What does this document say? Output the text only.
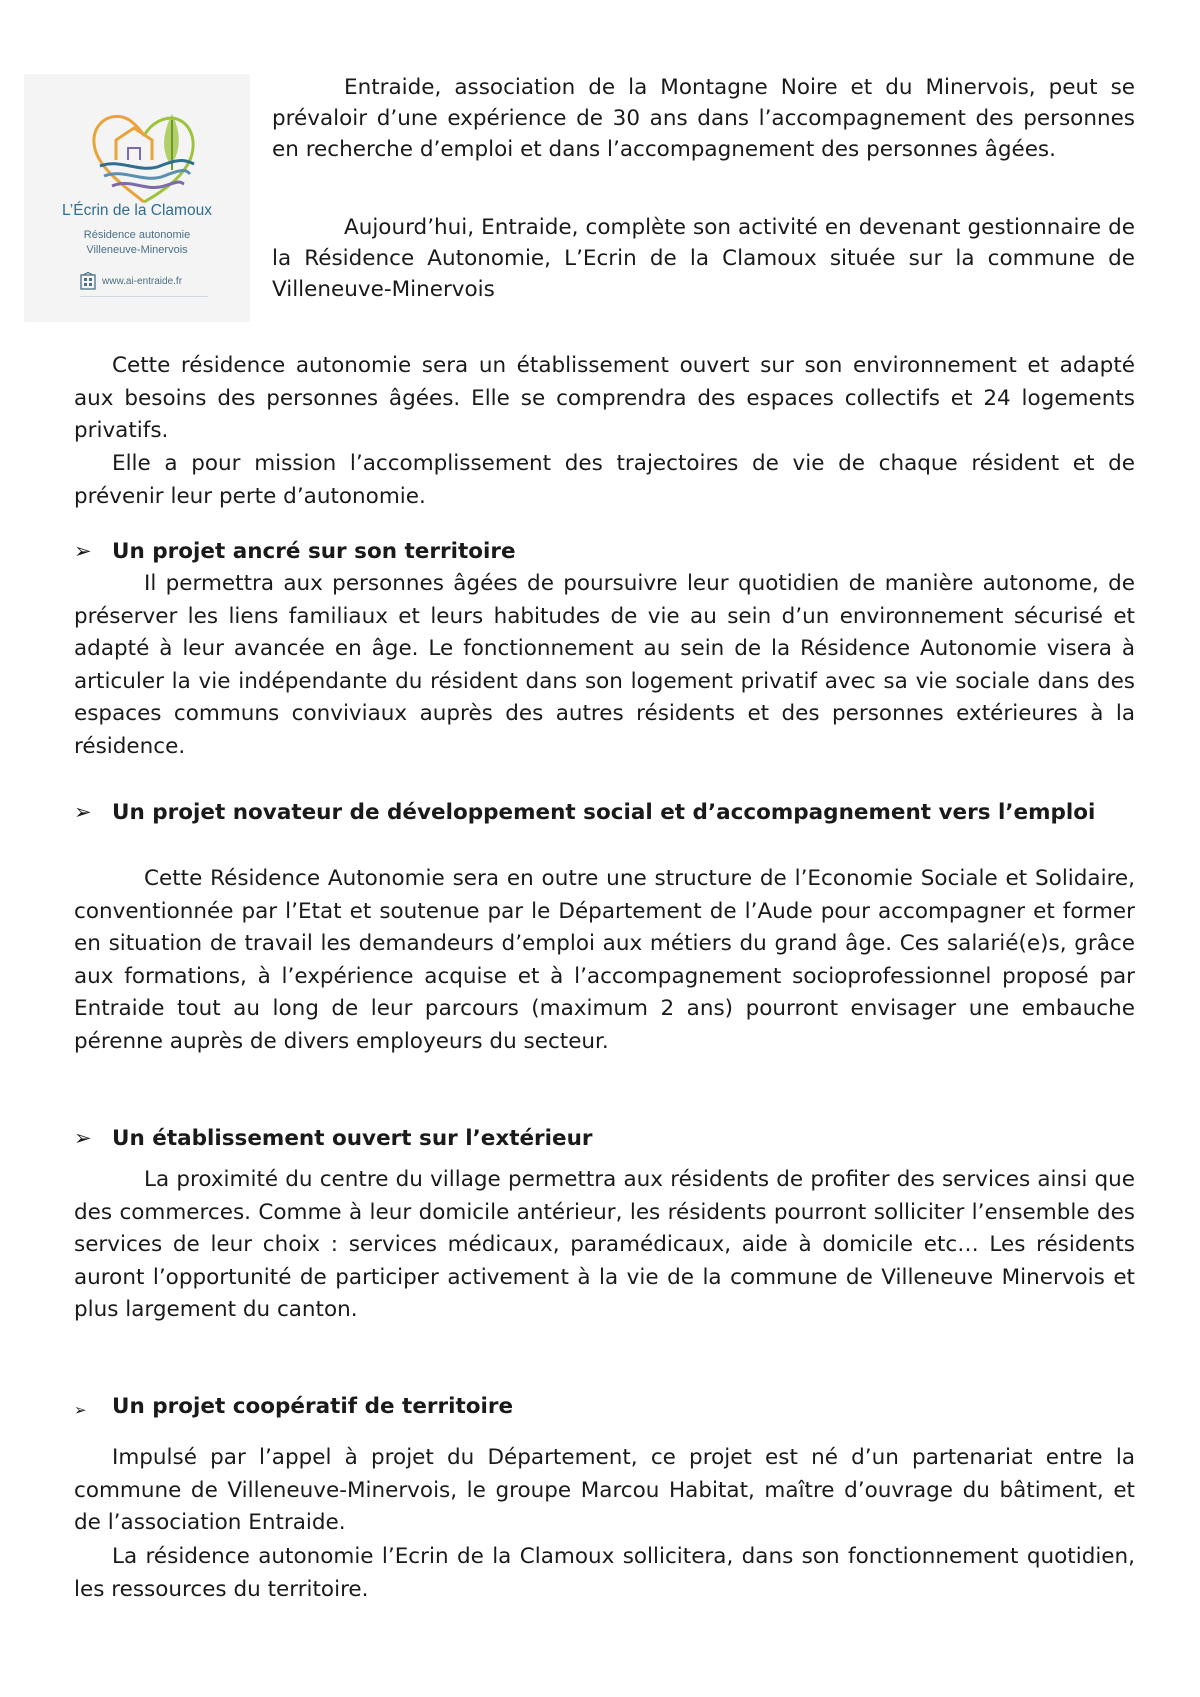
L’Écrin de la Clamoux
Résidence autonomie
Villeneuve-Minervois
www.ai-entraide.fr

Entraide, association de la Montagne Noire et du Minervois, peut se prévaloir d’une expérience de 30 ans dans l’accompagnement des personnes en recherche d’emploi et dans l’accompagnement des personnes âgées.

Aujourd’hui, Entraide, complète son activité en devenant gestionnaire de la Résidence Autonomie, L’Ecrin de la Clamoux située sur la commune de Villeneuve-Minervois

Cette résidence autonomie sera un établissement ouvert sur son environnement et adapté aux besoins des personnes âgées. Elle se comprendra des espaces collectifs et 24 logements privatifs.

Elle a pour mission l’accomplissement des trajectoires de vie de chaque résident et de prévenir leur perte d’autonomie.

➢ Un projet ancré sur son territoire

Il permettra aux personnes âgées de poursuivre leur quotidien de manière autonome, de préserver les liens familiaux et leurs habitudes de vie au sein d’un environnement sécurisé et adapté à leur avancée en âge. Le fonctionnement au sein de la Résidence Autonomie visera à articuler la vie indépendante du résident dans son logement privatif avec sa vie sociale dans des espaces communs conviviaux auprès des autres résidents et des personnes extérieures à la résidence.

➢ Un projet novateur de développement social et d’accompagnement vers l’emploi

Cette Résidence Autonomie sera en outre une structure de l’Economie Sociale et Solidaire, conventionnée par l’Etat et soutenue par le Département de l’Aude pour accompagner et former en situation de travail les demandeurs d’emploi aux métiers du grand âge. Ces salarié(e)s, grâce aux formations, à l’expérience acquise et à l’accompagnement socioprofessionnel proposé par Entraide tout au long de leur parcours (maximum 2 ans) pourront envisager une embauche pérenne auprès de divers employeurs du secteur.

➢ Un établissement ouvert sur l’extérieur

La proximité du centre du village permettra aux résidents de profiter des services ainsi que des commerces. Comme à leur domicile antérieur, les résidents pourront solliciter l’ensemble des services de leur choix : services médicaux, paramédicaux, aide à domicile etc… Les résidents auront l’opportunité de participer activement à la vie de la commune de Villeneuve Minervois et plus largement du canton.

➢	Un projet coopératif de territoire

Impulsé par l’appel à projet du Département, ce projet est né d’un partenariat entre la commune de Villeneuve-Minervois, le groupe Marcou Habitat, maître d’ouvrage du bâtiment, et de l’association Entraide.

La résidence autonomie l’Ecrin de la Clamoux sollicitera, dans son fonctionnement quotidien, les ressources du territoire.
